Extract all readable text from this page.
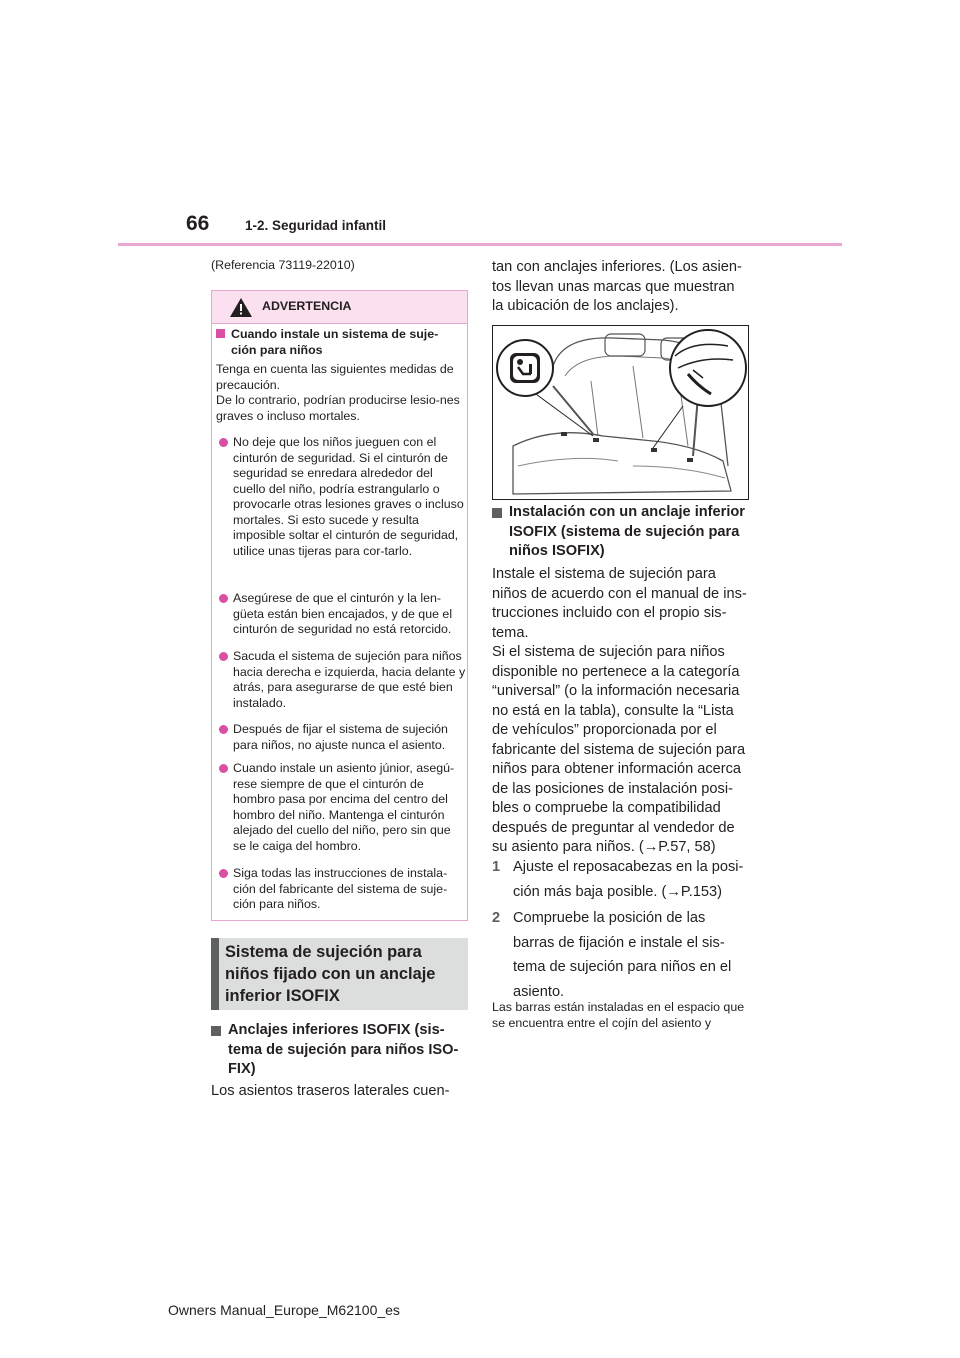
66	1-2. Seguridad infantil
(Referencia 73119-22010)
ADVERTENCIA
Cuando instale un sistema de suje-
ción para niños
Tenga en cuenta las siguientes medidas de precaución.
De lo contrario, podrían producirse lesio-nes graves o incluso mortales.
No deje que los niños jueguen con el cinturón de seguridad. Si el cinturón de seguridad se enredara alrededor del cuello del niño, podría estrangularlo o provocarle otras lesiones graves o incluso mortales. Si esto sucede y resulta imposible soltar el cinturón de seguridad, utilice unas tijeras para cor-tarlo.
Asegúrese de que el cinturón y la len-güeta están bien encajados, y de que el cinturón de seguridad no está retorcido.
Sacuda el sistema de sujeción para niños hacia derecha e izquierda, hacia delante y atrás, para asegurarse de que esté bien instalado.
Después de fijar el sistema de sujeción para niños, no ajuste nunca el asiento.
Cuando instale un asiento júnior, asegú-rese siempre de que el cinturón de hombro pasa por encima del centro del hombro del niño. Mantenga el cinturón alejado del cuello del niño, pero sin que se le caiga del hombro.
Siga todas las instrucciones de instala-ción del fabricante del sistema de suje-ción para niños.
Sistema de sujeción para niños fijado con un anclaje inferior ISOFIX
Anclajes inferiores ISOFIX (sis-tema de sujeción para niños ISO-FIX)
Los asientos traseros laterales cuen-
tan con anclajes inferiores. (Los asien-tos llevan unas marcas que muestran la ubicación de los anclajes).
Instalación con un anclaje inferior ISOFIX (sistema de sujeción para niños ISOFIX)
Instale el sistema de sujeción para niños de acuerdo con el manual de ins-trucciones incluido con el propio sis-tema.
Si el sistema de sujeción para niños disponible no pertenece a la categoría “universal” (o la información necesaria no está en la tabla), consulte la “Lista de vehículos” proporcionada por el fabricante del sistema de sujeción para niños para obtener información acerca de las posiciones de instalación posi-bles o compruebe la compatibilidad después de preguntar al vendedor de su asiento para niños. (→P.57, 58)
1 Ajuste el reposacabezas en la posi-ción más baja posible. (→P.153)
2 Compruebe la posición de las barras de fijación e instale el sis-tema de sujeción para niños en el asiento.
Las barras están instaladas en el espacio que se encuentra entre el cojín del asiento y
Owners Manual_Europe_M62100_es
